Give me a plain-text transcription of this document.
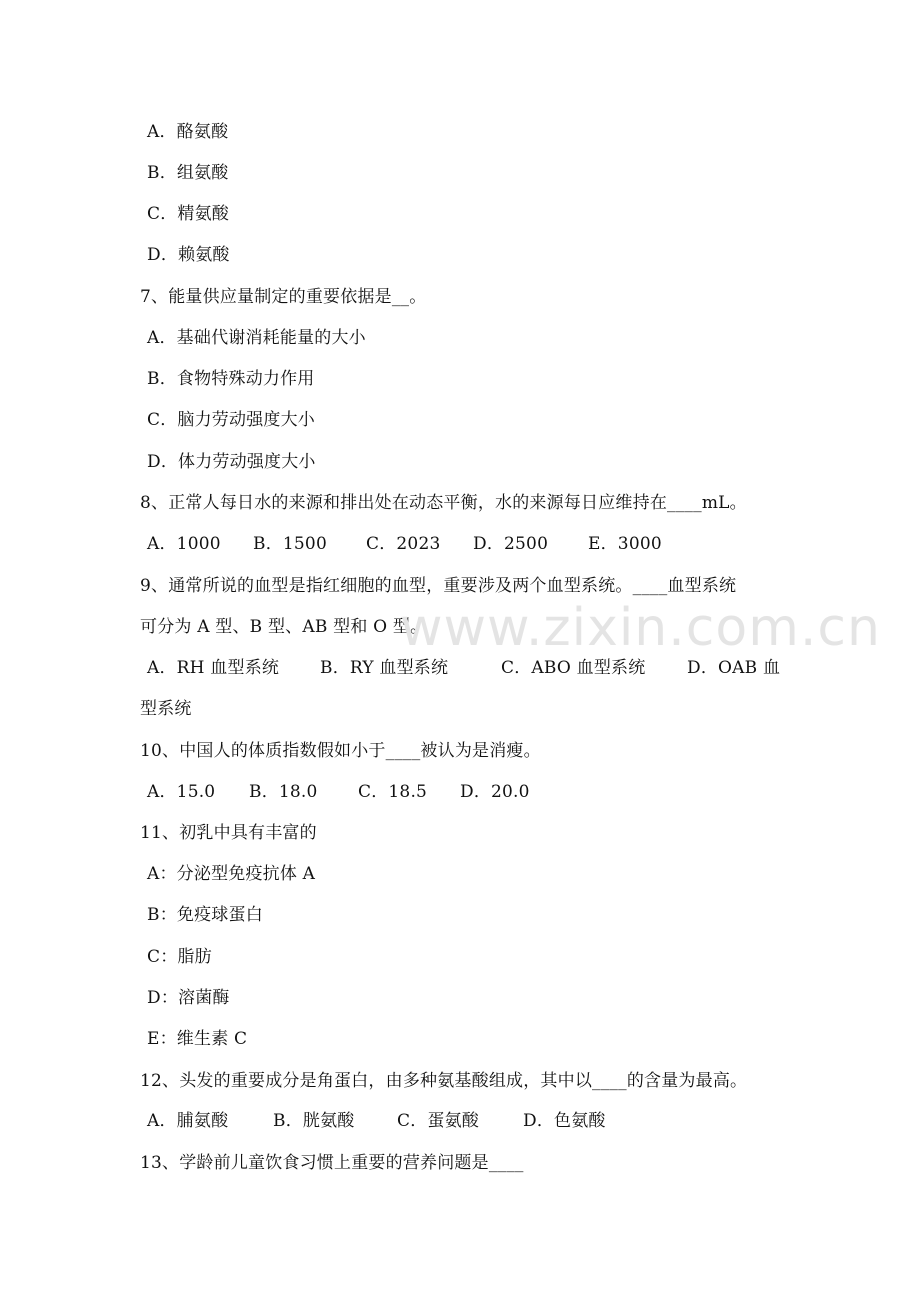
A．酪氨酸
B．组氨酸
C．精氨酸
D．赖氨酸
7、能量供应量制定的重要依据是__。
A．基础代谢消耗能量的大小
B．食物特殊动力作用
C．脑力劳动强度大小
D．体力劳动强度大小
8、正常人每日水的来源和排出处在动态平衡，水的来源每日应维持在____mL。
A．1000 B．1500 C．2023 D．2500 E．3000
9、通常所说的血型是指红细胞的血型，重要涉及两个血型系统。____血型系统
可分为 A 型、B 型、AB 型和 O 型。
A．RH 血型系统 B．RY 血型系统	C．ABO 血型系统 D．OAB 血
型系统
10、中国人的体质指数假如小于____被认为是消瘦。
A．15.0 B．18.0 C．18.5 D．20.0
11、初乳中具有丰富的
A：分泌型免疫抗体 A
B：免疫球蛋白
C：脂肪
D：溶菌酶
E：维生素 C
12、头发的重要成分是角蛋白，由多种氨基酸组成，其中以____的含量为最高。
A．脯氨酸	B．胱氨酸	C．蛋氨酸	D．色氨酸
13、学龄前儿童饮食习惯上重要的营养问题是____
www.zixin.com.cn
